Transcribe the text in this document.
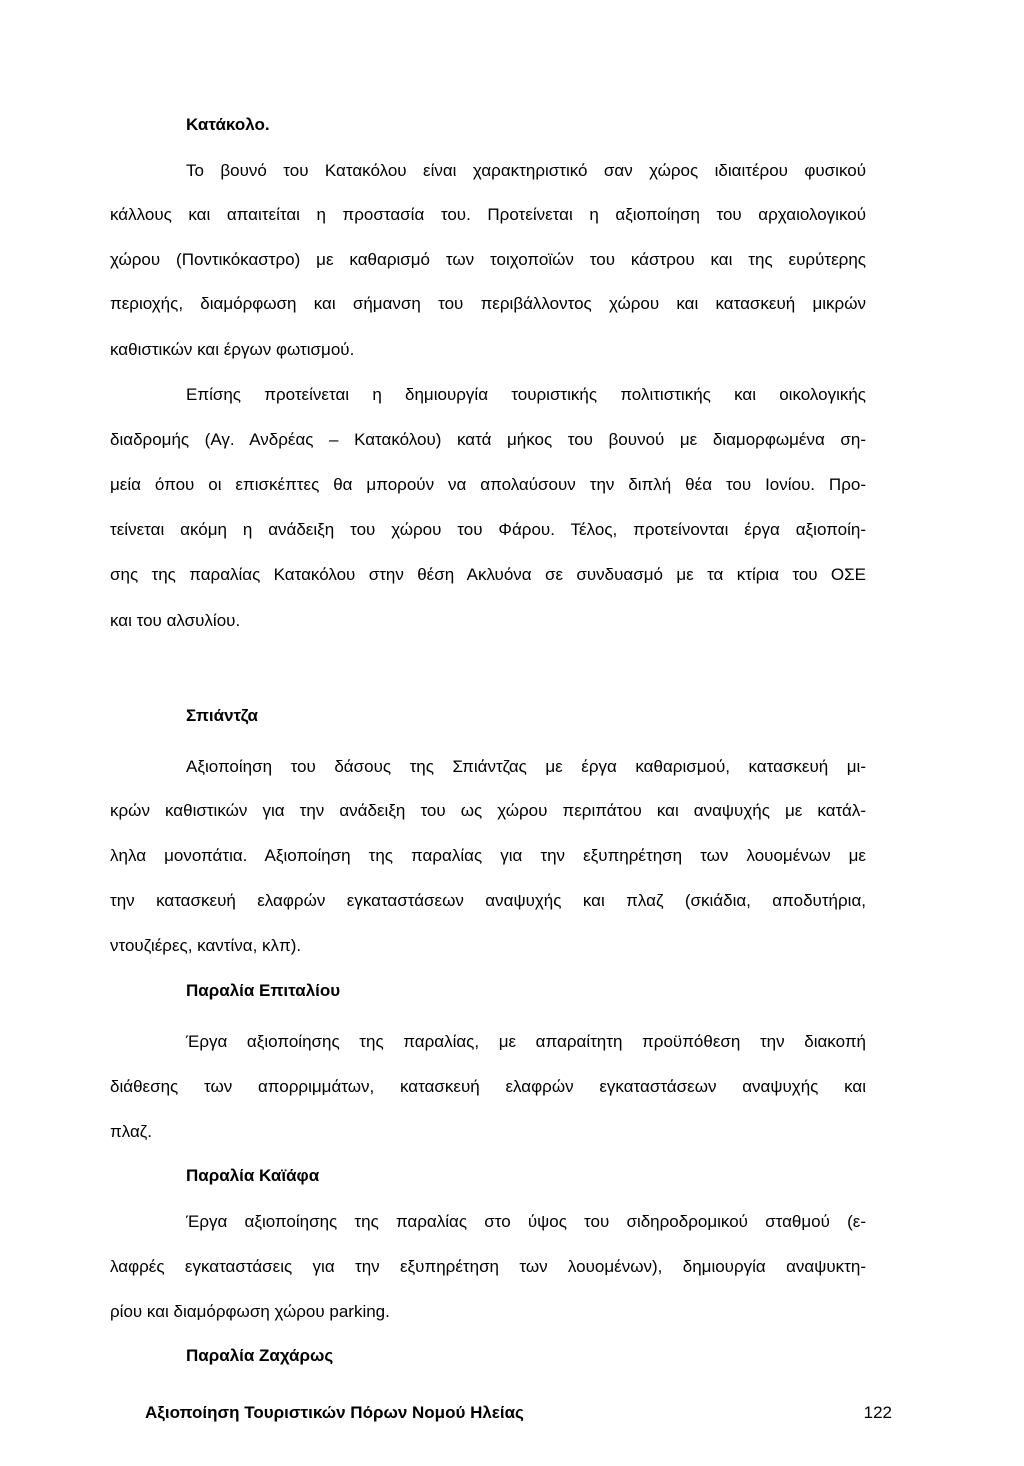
Κατάκολο.
Το βουνό του Κατακόλου είναι χαρακτηριστικό σαν χώρος ιδιαιτέρου φυσικού
κάλλους και απαιτείται η προστασία του. Προτείνεται η αξιοποίηση του αρχαιολογικού
χώρου (Ποντικόκαστρο) με καθαρισμό των τοιχοποϊών του κάστρου και της ευρύτερης
περιοχής, διαμόρφωση και σήμανση του περιβάλλοντος χώρου και κατασκευή μικρών
καθιστικών και έργων φωτισμού.
Επίσης προτείνεται η δημιουργία τουριστικής πολιτιστικής και οικολογικής
διαδρομής (Αγ. Ανδρέας – Κατακόλου) κατά μήκος του βουνού με διαμορφωμένα ση-
μεία όπου οι επισκέπτες θα μπορούν να απολαύσουν την διπλή θέα του Ιονίου. Προ-
τείνεται ακόμη η ανάδειξη του χώρου του Φάρου. Τέλος, προτείνονται έργα αξιοποίη-
σης της παραλίας Κατακόλου στην θέση Ακλυόνα σε συνδυασμό με τα κτίρια του ΟΣΕ
και του αλσυλίου.
Σπιάντζα
Αξιοποίηση του δάσους της Σπιάντζας με έργα καθαρισμού, κατασκευή μι-
κρών καθιστικών για την ανάδειξη του ως χώρου περιπάτου και αναψυχής με κατάλ-
ληλα μονοπάτια. Αξιοποίηση της παραλίας για την εξυπηρέτηση των λουομένων με
την κατασκευή ελαφρών εγκαταστάσεων αναψυχής και πλαζ (σκιάδια, αποδυτήρια,
ντουζιέρες, καντίνα, κλπ).
Παραλία Επιταλίου
Έργα αξιοποίησης της παραλίας, με απαραίτητη προϋπόθεση την διακοπή
διάθεσης των απορριμμάτων, κατασκευή ελαφρών εγκαταστάσεων αναψυχής και
πλαζ.
Παραλία Καϊάφα
Έργα αξιοποίησης της παραλίας στο ύψος του σιδηροδρομικού σταθμού (ε-
λαφρές εγκαταστάσεις για την εξυπηρέτηση των λουομένων), δημιουργία αναψυκτη-
ρίου και διαμόρφωση χώρου parking.
Παραλία Ζαχάρως
Αξιοποίηση Τουριστικών Πόρων Νομού Ηλείας	122
